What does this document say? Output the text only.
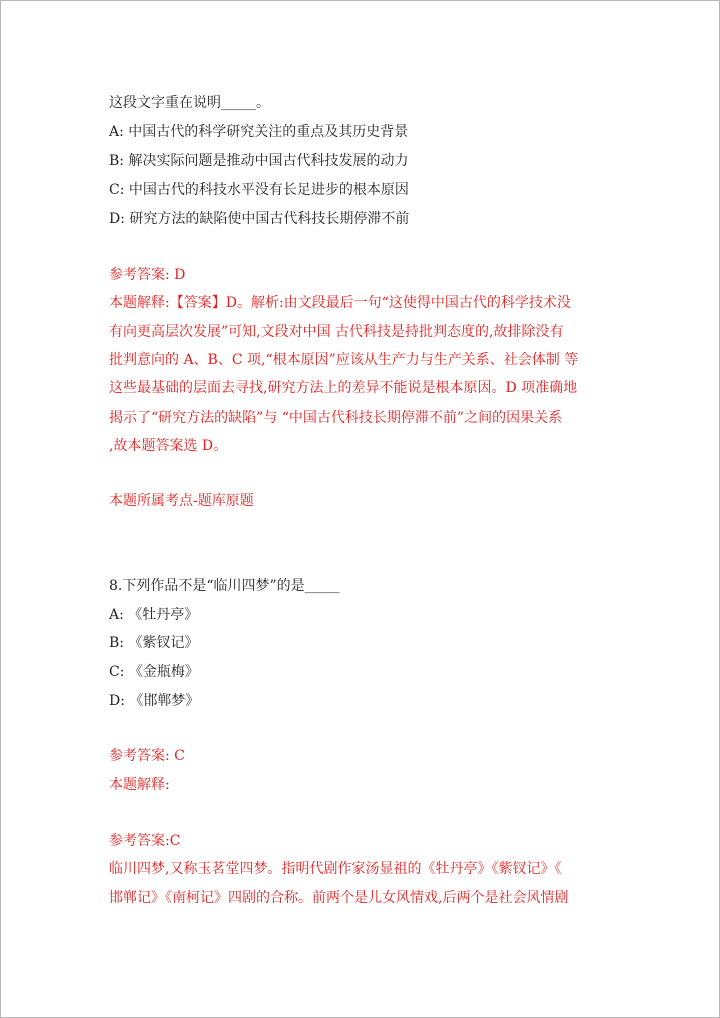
这段文字重在说明_____。
A: 中国古代的科学研究关注的重点及其历史背景
B: 解决实际问题是推动中国古代科技发展的动力
C: 中国古代的科技水平没有长足进步的根本原因
D: 研究方法的缺陷使中国古代科技长期停滞不前
参考答案: D
本题解释:【答案】D。解析:由文段最后一句“这使得中国古代的科学技术没
有向更高层次发展”可知,文段对中国 古代科技是持批判态度的,故排除没有
批判意向的 A、B、C 项,“根本原因”应该从生产力与生产关系、社会体制 等
这些最基础的层面去寻找,研究方法上的差异不能说是根本原因。D 项准确地
揭示了“研究方法的缺陷”与 “中国古代科技长期停滞不前”之间的因果关系
,故本题答案选 D。
本题所属考点-题库原题
8.下列作品不是“临川四梦”的是_____
A: 《牡丹亭》
B: 《紫钗记》
C: 《金瓶梅》
D: 《邯郸梦》
参考答案: C
本题解释:
参考答案:C
临川四梦,又称玉茗堂四梦。指明代剧作家汤显祖的《牡丹亭》《紫钗记》《
邯郸记》《南柯记》四剧的合称。前两个是儿女风情戏,后两个是社会风情剧
